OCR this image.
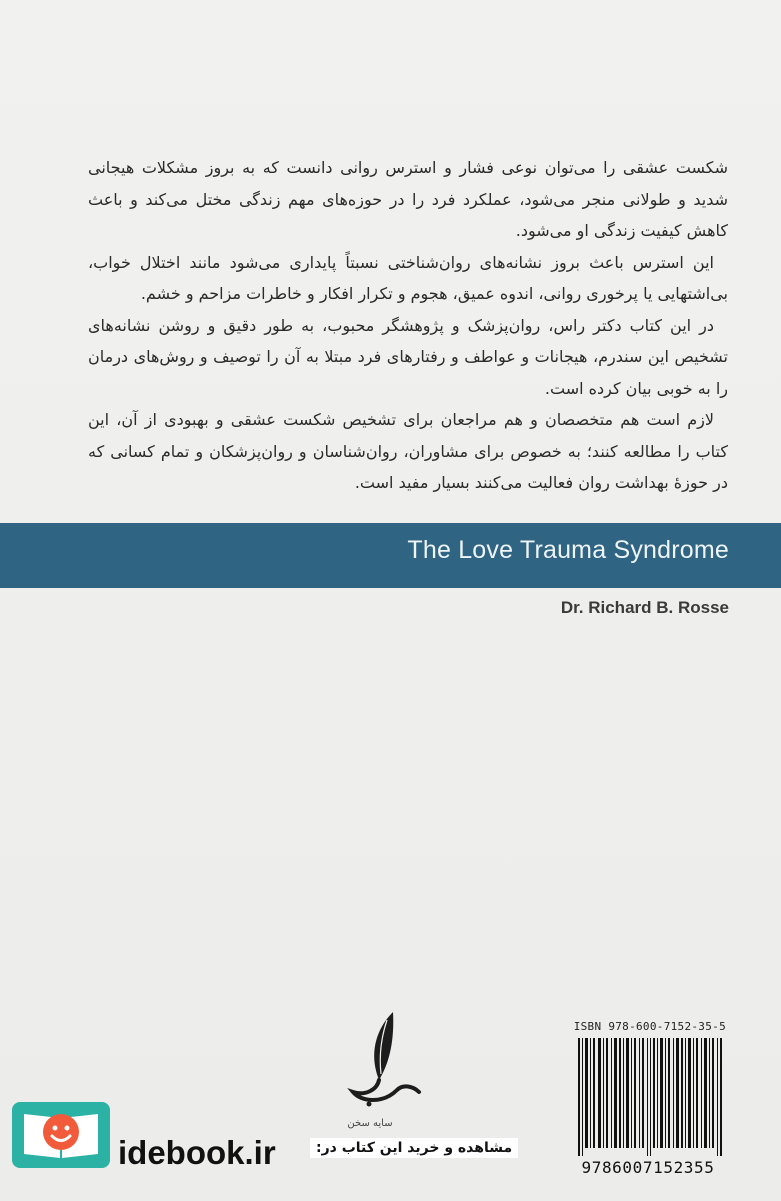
شکست عشقی را می‌توان نوعی فشار و استرس روانی دانست که به بروز مشکلات هیجانی شدید و طولانی منجر می‌شود، عملکرد فرد را در حوزه‌های مهم زندگی مختل می‌کند و باعث کاهش کیفیت زندگی او می‌شود.

این استرس باعث بروز نشانه‌های روان‌شناختی نسبتاً پایداری می‌شود مانند اختلال خواب، بی‌اشتهایی یا پرخوری روانی، اندوه عمیق، هجوم و تکرار افکار و خاطرات مزاحم و خشم.

در این کتاب دکتر راس، روان‌پزشک و پژوهشگر محبوب، به طور دقیق و روشن نشانه‌های تشخیص این سندرم، هیجانات و عواطف و رفتارهای فرد مبتلا به آن را توصیف و روش‌های درمان را به خوبی بیان کرده است.

لازم است هم متخصصان و هم مراجعان برای تشخیص شکست عشقی و بهبودی از آن، این کتاب را مطالعه کنند؛ به خصوص برای مشاوران، روان‌شناسان و روان‌پزشکان و تمام کسانی که در حوزهٔ بهداشت روان فعالیت می‌کنند بسیار مفید است.

The Love Trauma Syndrome
Dr. Richard B. Rosse
سایه سخن
ISBN 978-600-7152-35-5
9786007152355
idebook.ir	مشاهده و خرید این کتاب در:
